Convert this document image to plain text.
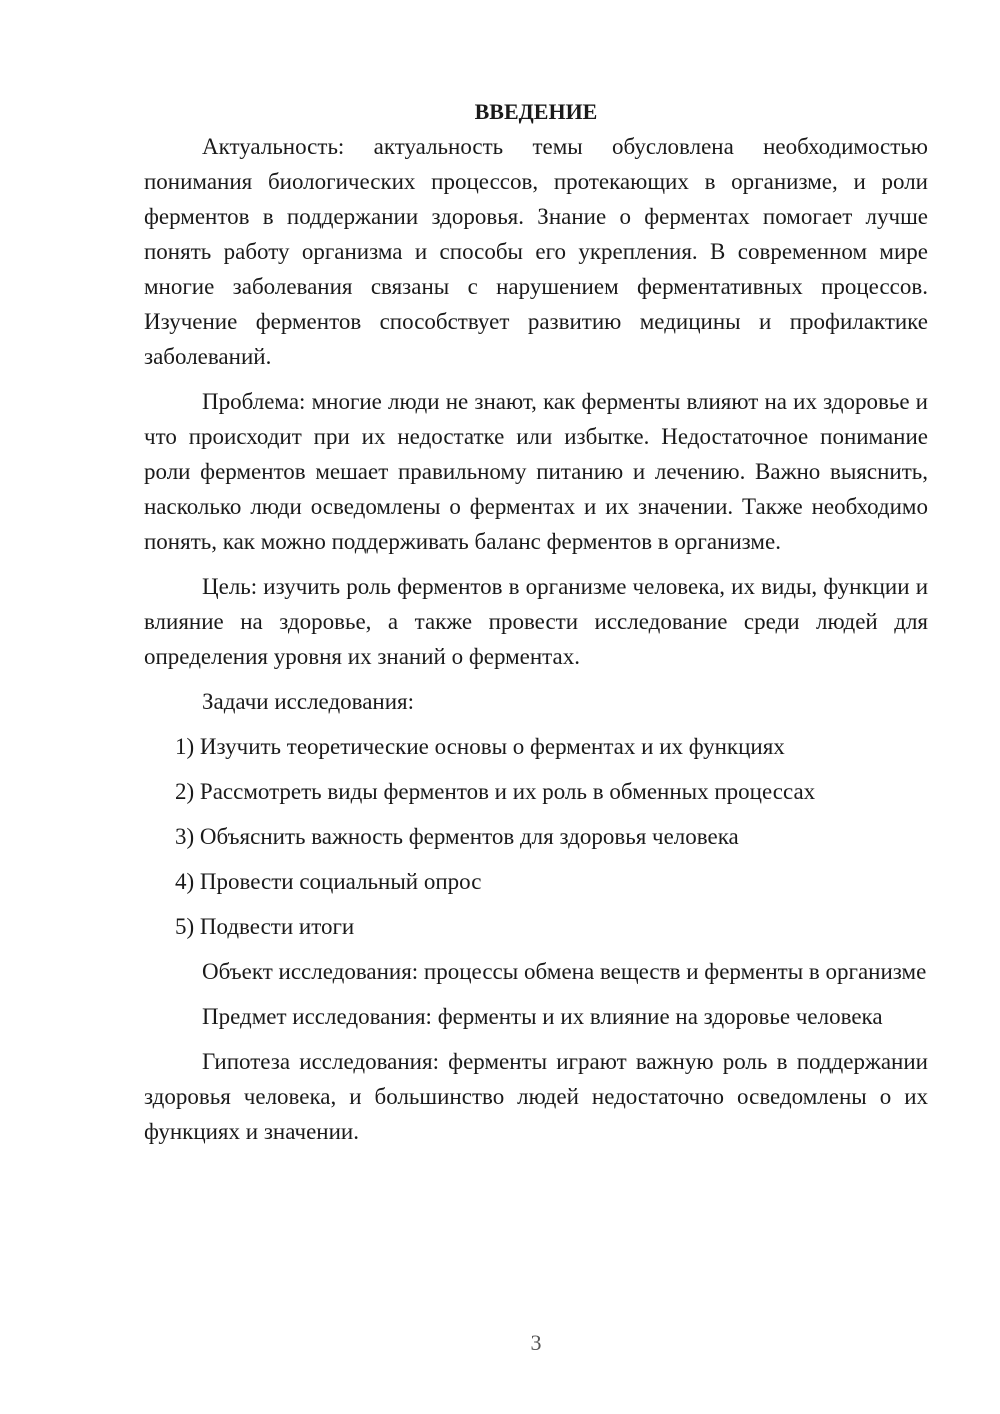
ВВЕДЕНИЕ

Актуальность: актуальность темы обусловлена необходимостью понимания биологических процессов, протекающих в организме, и роли ферментов в поддержании здоровья. Знание о ферментах помогает лучше понять работу организма и способы его укрепления. В современном мире многие заболевания связаны с нарушением ферментативных процессов. Изучение ферментов способствует развитию медицины и профилактике заболеваний.

Проблема: многие люди не знают, как ферменты влияют на их здоровье и что происходит при их недостатке или избытке. Недостаточное понимание роли ферментов мешает правильному питанию и лечению. Важно выяснить, насколько люди осведомлены о ферментах и их значении. Также необходимо понять, как можно поддерживать баланс ферментов в организме.

Цель: изучить роль ферментов в организме человека, их виды, функции и влияние на здоровье, а также провести исследование среди людей для определения уровня их знаний о ферментах.

Задачи исследования:

1) Изучить теоретические основы о ферментах и их функциях
2) Рассмотреть виды ферментов и их роль в обменных процессах
3) Объяснить важность ферментов для здоровья человека
4) Провести социальный опрос
5) Подвести итоги

Объект исследования: процессы обмена веществ и ферменты в организме

Предмет исследования: ферменты и их влияние на здоровье человека

Гипотеза исследования: ферменты играют важную роль в поддержании здоровья человека, и большинство людей недостаточно осведомлены о их функциях и значении.

3
